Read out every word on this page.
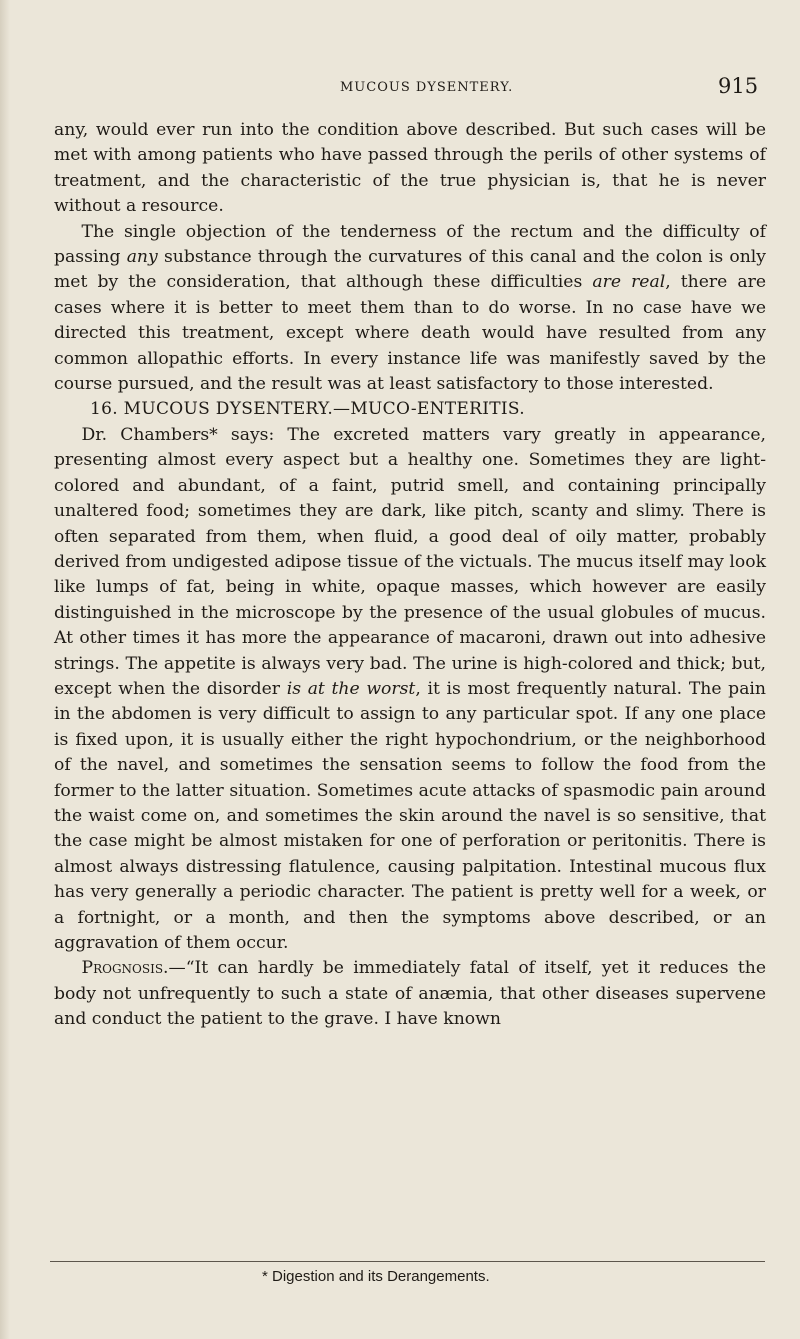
MUCOUS DYSENTERY.	915

any, would ever run into the condition above described. But such cases will be met with among patients who have passed through the perils of other systems of treatment, and the characteristic of the true physician is, that he is never without a resource.

The single objection of the tenderness of the rectum and the difficulty of passing any substance through the curvatures of this canal and the colon is only met by the consideration, that although these difficulties are real, there are cases where it is better to meet them than to do worse. In no case have we directed this treatment, except where death would have resulted from any common allopathic efforts. In every instance life was manifestly saved by the course pursued, and the result was at least satisfactory to those interested.

16. MUCOUS DYSENTERY.—MUCO-ENTERITIS.

Dr. Chambers* says: The excreted matters vary greatly in appearance, presenting almost every aspect but a healthy one. Sometimes they are light-colored and abundant, of a faint, putrid smell, and containing principally unaltered food; sometimes they are dark, like pitch, scanty and slimy. There is often separated from them, when fluid, a good deal of oily matter, probably derived from undigested adipose tissue of the victuals. The mucus itself may look like lumps of fat, being in white, opaque masses, which however are easily distinguished in the microscope by the presence of the usual globules of mucus. At other times it has more the appearance of macaroni, drawn out into adhesive strings. The appetite is always very bad. The urine is high-colored and thick; but, except when the disorder is at the worst, it is most frequently natural. The pain in the abdomen is very difficult to assign to any particular spot. If any one place is fixed upon, it is usually either the right hypochondrium, or the neighborhood of the navel, and sometimes the sensation seems to follow the food from the former to the latter situation. Sometimes acute attacks of spasmodic pain around the waist come on, and sometimes the skin around the navel is so sensitive, that the case might be almost mistaken for one of perforation or peritonitis. There is almost always distressing flatulence, causing palpitation. Intestinal mucous flux has very generally a periodic character. The patient is pretty well for a week, or a fortnight, or a month, and then the symptoms above described, or an aggravation of them occur.

Prognosis.—“It can hardly be immediately fatal of itself, yet it reduces the body not unfrequently to such a state of anæmia, that other diseases supervene and conduct the patient to the grave. I have known

* Digestion and its Derangements.
